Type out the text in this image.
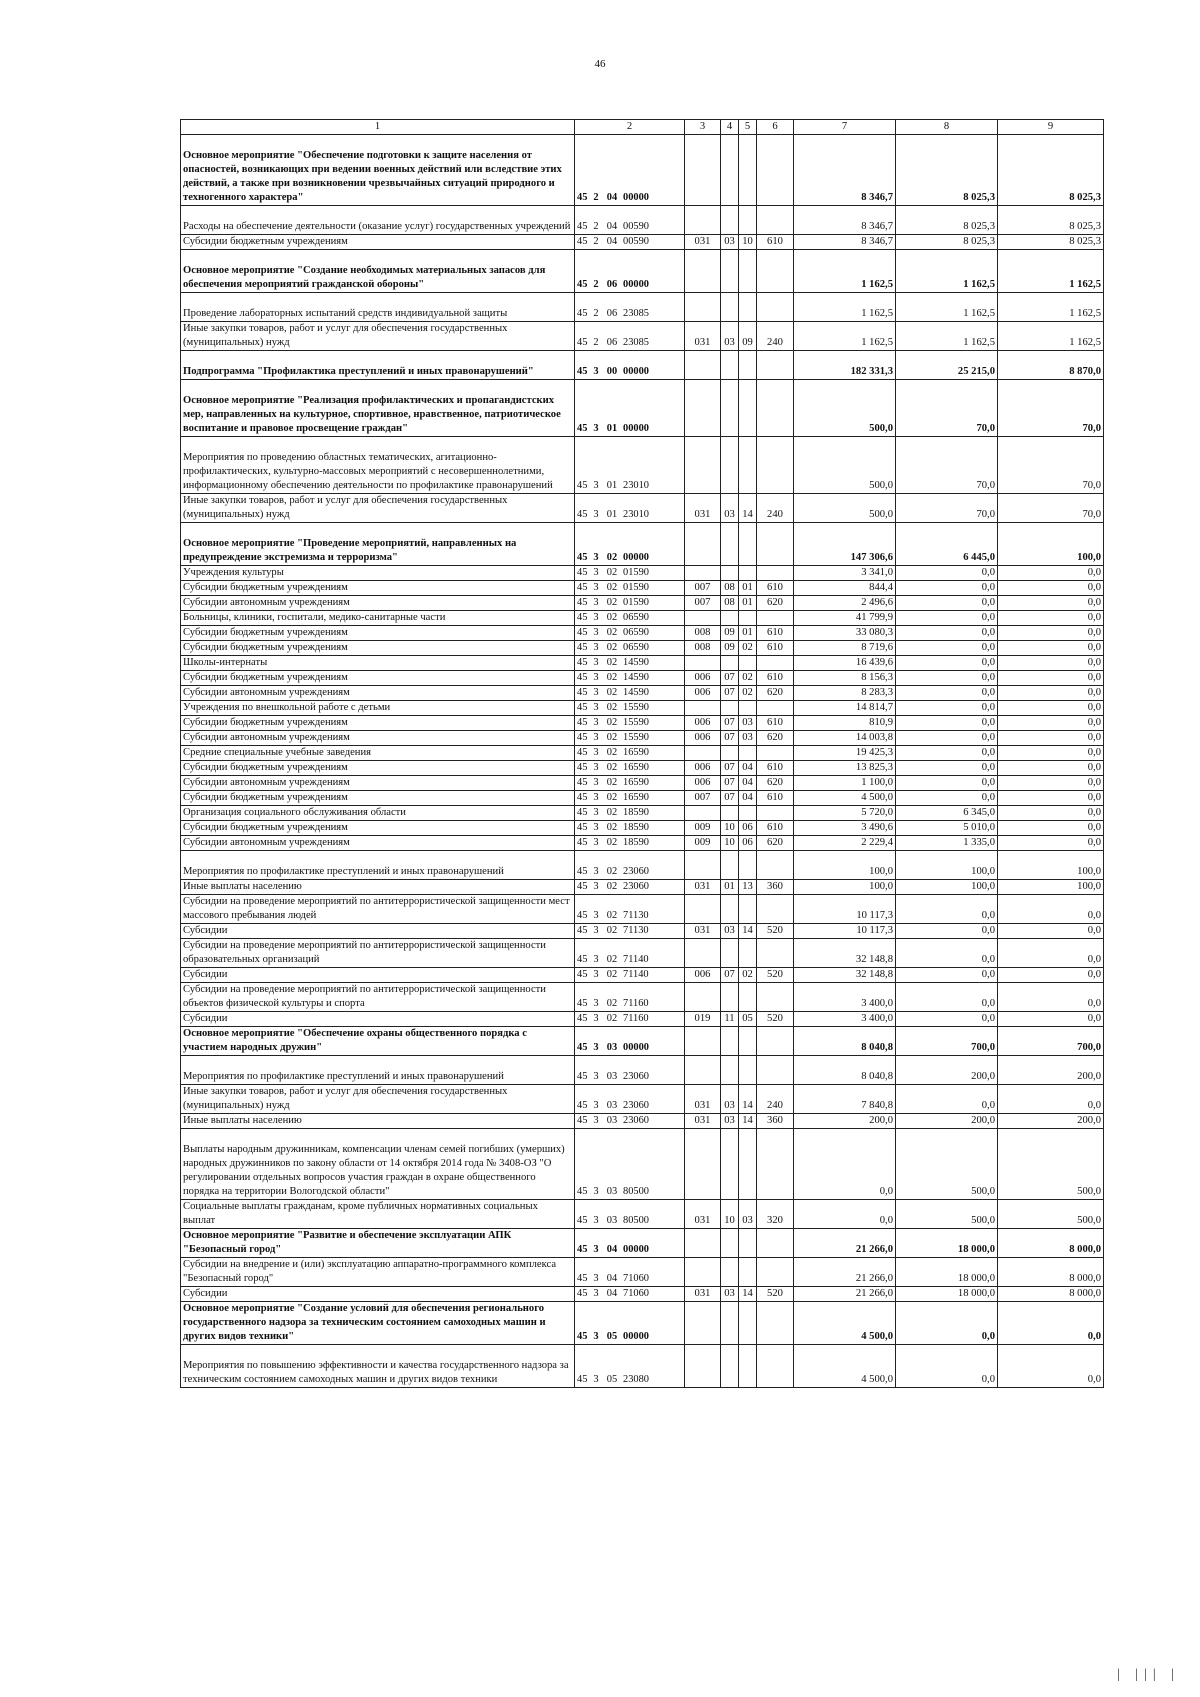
46
1	2	3	4	5	6	7	8	9
Основное мероприятие "Обеспечение подготовки к защите населения от опасностей, возникающих при ведении военных действий или вследствие этих действий, а также при возникновении чрезвычайных ситуаций природного и техногенного характера"	45 2 04 00000					8 346,7	8 025,3	8 025,3
Расходы на обеспечение деятельности (оказание услуг) государственных учреждений	45 2 04 00590					8 346,7	8 025,3	8 025,3
Субсидии бюджетным учреждениям	45 2 04 00590	031	03	10	610	8 346,7	8 025,3	8 025,3
Основное мероприятие "Создание необходимых материальных запасов для обеспечения мероприятий гражданской обороны"	45 2 06 00000					1 162,5	1 162,5	1 162,5
Проведение лабораторных испытаний средств индивидуальной защиты	45 2 06 23085					1 162,5	1 162,5	1 162,5
Иные закупки товаров, работ и услуг для обеспечения государственных (муниципальных) нужд	45 2 06 23085	031	03	09	240	1 162,5	1 162,5	1 162,5
Подпрограмма "Профилактика преступлений и иных правонарушений"	45 3 00 00000					182 331,3	25 215,0	8 870,0
Основное мероприятие "Реализация профилактических и пропагандистских мер, направленных на культурное, спортивное, нравственное, патриотическое воспитание и правовое просвещение граждан"	45 3 01 00000					500,0	70,0	70,0
Мероприятия по проведению областных тематических, агитационно-профилактических, культурно-массовых мероприятий с несовершеннолетними, информационному обеспечению деятельности по профилактике правонарушений	45 3 01 23010					500,0	70,0	70,0
Иные закупки товаров, работ и услуг для обеспечения государственных (муниципальных) нужд	45 3 01 23010	031	03	14	240	500,0	70,0	70,0
Основное мероприятие "Проведение мероприятий, направленных на предупреждение экстремизма и терроризма"	45 3 02 00000					147 306,6	6 445,0	100,0
Учреждения культуры	45 3 02 01590					3 341,0	0,0	0,0
Субсидии бюджетным учреждениям	45 3 02 01590	007	08	01	610	844,4	0,0	0,0
Субсидии автономным учреждениям	45 3 02 01590	007	08	01	620	2 496,6	0,0	0,0
Больницы, клиники, госпитали, медико-санитарные части	45 3 02 06590					41 799,9	0,0	0,0
Субсидии бюджетным учреждениям	45 3 02 06590	008	09	01	610	33 080,3	0,0	0,0
Субсидии бюджетным учреждениям	45 3 02 06590	008	09	02	610	8 719,6	0,0	0,0
Школы-интернаты	45 3 02 14590					16 439,6	0,0	0,0
Субсидии бюджетным учреждениям	45 3 02 14590	006	07	02	610	8 156,3	0,0	0,0
Субсидии автономным учреждениям	45 3 02 14590	006	07	02	620	8 283,3	0,0	0,0
Учреждения по внешкольной работе с детьми	45 3 02 15590					14 814,7	0,0	0,0
Субсидии бюджетным учреждениям	45 3 02 15590	006	07	03	610	810,9	0,0	0,0
Субсидии автономным учреждениям	45 3 02 15590	006	07	03	620	14 003,8	0,0	0,0
Средние специальные учебные заведения	45 3 02 16590					19 425,3	0,0	0,0
Субсидии бюджетным учреждениям	45 3 02 16590	006	07	04	610	13 825,3	0,0	0,0
Субсидии автономным учреждениям	45 3 02 16590	006	07	04	620	1 100,0	0,0	0,0
Субсидии бюджетным учреждениям	45 3 02 16590	007	07	04	610	4 500,0	0,0	0,0
Организация социального обслуживания области	45 3 02 18590					5 720,0	6 345,0	0,0
Субсидии бюджетным учреждениям	45 3 02 18590	009	10	06	610	3 490,6	5 010,0	0,0
Субсидии автономным учреждениям	45 3 02 18590	009	10	06	620	2 229,4	1 335,0	0,0
Мероприятия по профилактике преступлений и иных правонарушений	45 3 02 23060					100,0	100,0	100,0
Иные выплаты населению	45 3 02 23060	031	01	13	360	100,0	100,0	100,0
Субсидии на проведение мероприятий по антитеррористической защищенности мест массового пребывания людей	45 3 02 71130					10 117,3	0,0	0,0
Субсидии	45 3 02 71130	031	03	14	520	10 117,3	0,0	0,0
Субсидии на проведение мероприятий по антитеррористической защищенности образовательных организаций	45 3 02 71140					32 148,8	0,0	0,0
Субсидии	45 3 02 71140	006	07	02	520	32 148,8	0,0	0,0
Субсидии на проведение мероприятий по антитеррористической защищенности объектов физической культуры и спорта	45 3 02 71160					3 400,0	0,0	0,0
Субсидии	45 3 02 71160	019	11	05	520	3 400,0	0,0	0,0
Основное мероприятие "Обеспечение охраны общественного порядка с участием народных дружин"	45 3 03 00000					8 040,8	700,0	700,0
Мероприятия по профилактике преступлений и иных правонарушений	45 3 03 23060					8 040,8	200,0	200,0
Иные закупки товаров, работ и услуг для обеспечения государственных (муниципальных) нужд	45 3 03 23060	031	03	14	240	7 840,8	0,0	0,0
Иные выплаты населению	45 3 03 23060	031	03	14	360	200,0	200,0	200,0
Выплаты народным дружинникам, компенсации членам семей погибших (умерших) народных дружинников по закону области от 14 октября 2014 года № 3408-ОЗ "О регулировании отдельных вопросов участия граждан в охране общественного порядка на территории Вологодской области"	45 3 03 80500					0,0	500,0	500,0
Социальные выплаты гражданам, кроме публичных нормативных социальных выплат	45 3 03 80500	031	10	03	320	0,0	500,0	500,0
Основное мероприятие "Развитие и обеспечение эксплуатации АПК "Безопасный город"	45 3 04 00000					21 266,0	18 000,0	8 000,0
Субсидии на внедрение и (или) эксплуатацию аппаратно-программного комплекса "Безопасный город"	45 3 04 71060					21 266,0	18 000,0	8 000,0
Субсидии	45 3 04 71060	031	03	14	520	21 266,0	18 000,0	8 000,0
Основное мероприятие "Создание условий для обеспечения регионального государственного надзора за техническим состоянием самоходных машин и других видов техники"	45 3 05 00000					4 500,0	0,0	0,0
Мероприятия по повышению эффективности и качества государственного надзора за техническим состоянием самоходных машин и других видов техники	45 3 05 23080					4 500,0	0,0	0,0
| ||| |
